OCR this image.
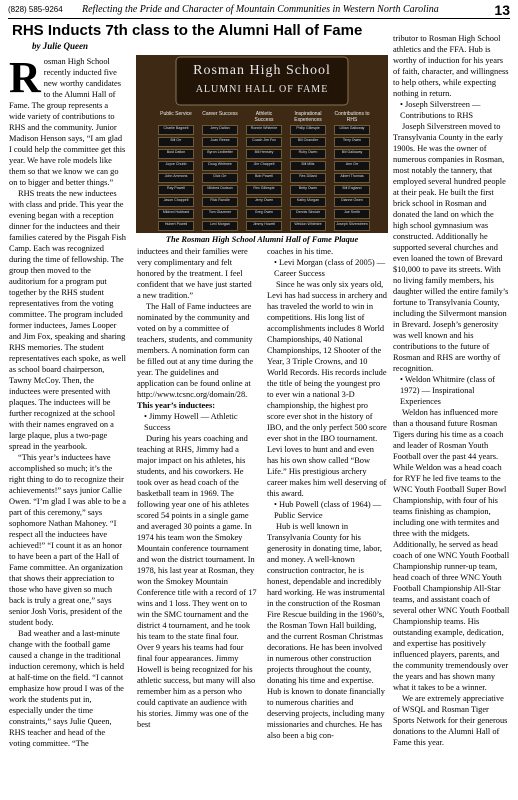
(828) 585-9264 Reflecting the Pride and Character of Mountain Communities in Western North Carolina	13
RHS Inducts 7th class to the Alumni Hall of Fame
by Julie Queen

Rosman High School recently inducted five new worthy candidates to the Alumni Hall of Fame. The group represents a wide variety of contributions to RHS and the community. Junior Madison Henson says, “I am glad I could help the committee get this year. We have role models like them so that we know we can go on to bigger and better things.”

RHS treats the new inductees with class and pride. This year the evening began with a reception dinner for the inductees and their families catered by the Pisgah Fish Camp. Each was recognized during the time of fellowship. The group then moved to the auditorium for a program put together by the RHS student representatives from the voting committee. The program included former inductees, James Looper and Jim Fox, speaking and sharing RHS memories. The student representatives each spoke, as well as school board chairperson, Tawny McCoy. Then, the inductees were presented with plaques. The inductees will be further recognized at the school with their names engraved on a large plaque, plus a two-page spread in the yearbook.

“This year’s inductees have accomplished so much; it’s the right thing to do to recognize their achievements!” says junior Callie Owen. “I’m glad I was able to be a part of this ceremony,” says sophomore Nathan Mahoney. “I respect all the inductees have achieved!” “I count it as an honor to have been a part of the Hall of Fame committee. An organization that shows their appreciation to those who have given so much back is truly a great one,” says senior Josh Voris, president of the student body.

Bad weather and a last-minute change with the football game caused a change in the traditional induction ceremony, which is held at half-time on the field. “I cannot emphasize how proud I was of the work the students put in, especially under the time constraints,” says Julie Queen, RHS teacher and head of the voting committee. “The

Rosman High School
ALUMNI HALL OF FAME
Public Service
Charlie Bagwell
Bill Orr
Boid Dalton
Joyce Chubb
John Ammons
Ray Powell
Jason Chappell
Mildred Hubbard
Hubert Powell
Career Success
Jerry Dalton
Joan Reese
Byron Ledbetter
Doug Whitmire
Dick Orr
Mildred Dodson
Rick Randle
Tom Glazener
Levi Morgan
Athletic Success
Ronnie Whitmire
Coach Jim Fox
Bill Hensley
Jim Chappell
Bob Powell
Rex Gillespie
Jerry Owen
Greg Owen
Jimmy Howell
Inspirational Experiences
Philip Gillespie
Bill Chandler
Ruby Owen
Bill Mills
Rex Dillard
Betty Owen
Kathy Morgan
Dennis Sinclair
Weldon Whitmire
Contributions to RHS
Lillian Galloway
Terry Owen
Bill Galloway
Ann Orr
Albert Thomas
Bill England
Dianne Owen
Joe Smith
Joseph Silverstreen
The Rosman High School Alumni Hall of Fame Plaque

inductees and their families were very complimentary and felt honored by the treatment. I feel confident that we have just started a new tradition.”

The Hall of Fame inductees are nominated by the community and voted on by a committee of teachers, students, and community members. A nomination form can be filled out at any time during the year. The guidelines and application can be found online at http://www.tcsnc.org/domain/28.

This year’s inductees:

• Jimmy Howell — Athletic Success

During his years coaching and teaching at RHS, Jimmy had a major impact on his athletes, his students, and his coworkers. He took over as head coach of the basketball team in 1969. The following year one of his athletes scored 54 points in a single game and averaged 30 points a game. In 1974 his team won the Smokey Mountain conference tournament and won the district tournament. In 1978, his last year at Rosman, they won the Smokey Mountain Conference title with a record of 17 wins and 1 loss. They went on to win the SMC tournament and the district 4 tournament, and he took his team to the state final four. Over 9 years his teams had four final four appearances. Jimmy Howell is being recognized for his athletic success, but many will also remember him as a person who could captivate an audience with his stories. Jimmy was one of the best

coaches in his time.

• Levi Morgan (class of 2005) — Career Success

Since he was only six years old, Levi has had success in archery and has traveled the world to win in competitions. His long list of accomplishments includes 8 World Championships, 40 National Championships, 12 Shooter of the Year, 3 Triple Crowns, and 10 World Records. His records include the title of being the youngest pro to ever win a national 3-D championship, the highest pro score ever shot in the history of IBO, and the only perfect 500 score ever shot in the IBO tournament. Levi loves to hunt and and even has his own show called “Bow Life.” His prestigious archery career makes him well deserving of this award.

• Hub Powell (class of 1964) — Public Service

Hub is well known in Transylvania County for his generosity in donating time, labor, and money. A well-known construction contractor, he is honest, dependable and incredibly hard working. He was instrumental in the construction of the Rosman Fire Rescue building in the 1960’s, the Rosman Town Hall building, and the current Rosman Christmas decorations. He has been involved in numerous other construction projects throughout the county, donating his time and expertise. Hub is known to donate financially to numerous charities and deserving projects, including many missionaries and churches. He has also been a big con-

tributor to Rosman High School athletics and the FFA. Hub is worthy of induction for his years of faith, character, and willingness to help others, while expecting nothing in return.

• Joseph Silverstreen — Contributions to RHS

Joseph Silverstreen moved to Transylvania County in the early 1900s. He was the owner of numerous companies in Rosman, most notably the tannery, that employed several hundred people at their peak. He built the first brick school in Rosman and donated the land on which the high school gymnasium was constructed. Additionally he supported several churches and even loaned the town of Brevard $10,000 to pave its streets. With no living family members, his daughter willed the entire family’s fortune to Transylvania County, including the Silvermont mansion in Brevard. Joseph’s generosity was well known and his contributions to the future of Rosman and RHS are worthy of recognition.

• Weldon Whitmire (class of 1972) — Inspirational Experiences

Weldon has influenced more than a thousand future Rosman Tigers during his time as a coach and leader of Rosman Youth Football over the past 44 years. While Weldon was a head coach for RYF he led five teams to the WNC Youth Football Super Bowl Championship, with four of his teams finishing as champion, including one with termites and three with the midgets. Additionally, he served as head coach of one WNC Youth Football Championship runner-up team, head coach of three WNC Youth Football Championship All-Star teams, and assistant coach of several other WNC Youth Football Championship teams. His outstanding example, dedication, and expertise has positively influenced players, parents, and the community tremendously over the years and has shown many what it takes to be a winner.

We are extremely appreciative of WSQL and Rosman Tiger Sports Network for their generous donations to the Alumni Hall of Fame this year.
